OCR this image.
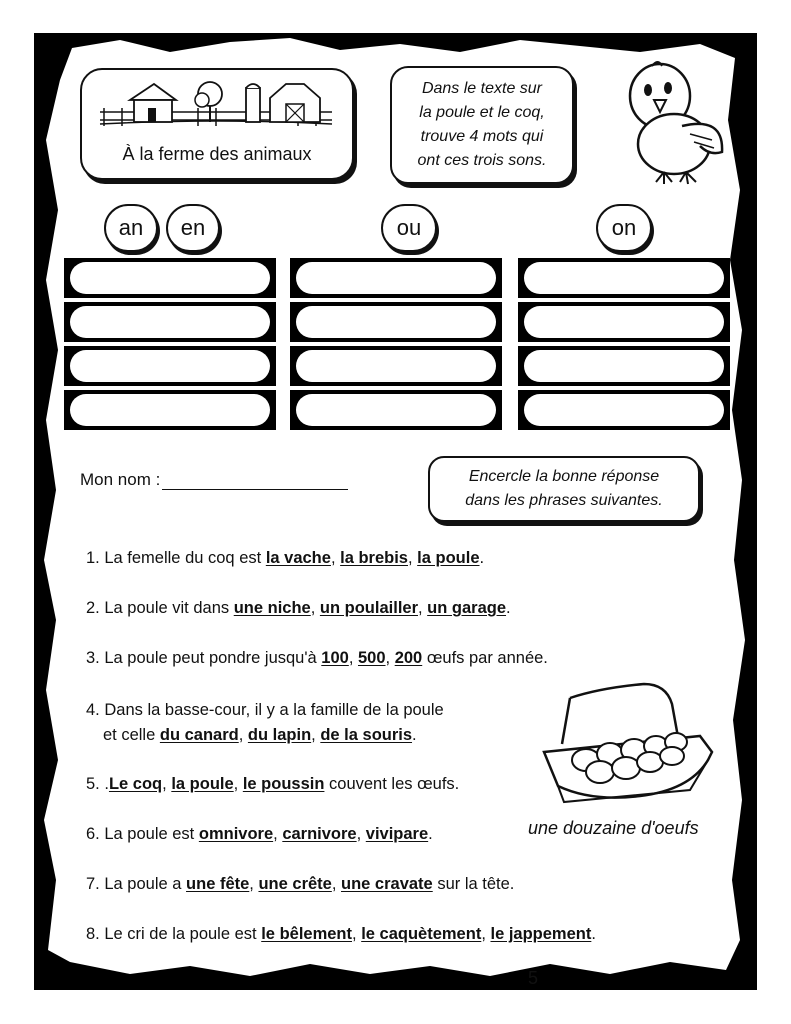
À la ferme des animaux
Dans le texte sur
la poule et le coq,
trouve 4 mots qui
ont ces trois sons.
an	en	ou	on
Mon nom :	Encercle la bonne réponse
dans les phrases suivantes.
1. La femelle du coq est la vache, la brebis, la poule.
2. La poule vit dans une niche, un poulailler, un garage.
3. La poule peut pondre jusqu'à 100, 500, 200 œufs par année.
4. Dans la basse-cour, il y a la famille de la poule
et celle du canard, du lapin, de la souris.
5. .Le coq, la poule, le poussin couvent les œufs.
6. La poule est omnivore, carnivore, vivipare.
7. La poule a une fête, une crête, une cravate sur la tête.
8. Le cri de la poule est le bêlement, le caquètement, le jappement.
une douzaine d'oeufs
5
